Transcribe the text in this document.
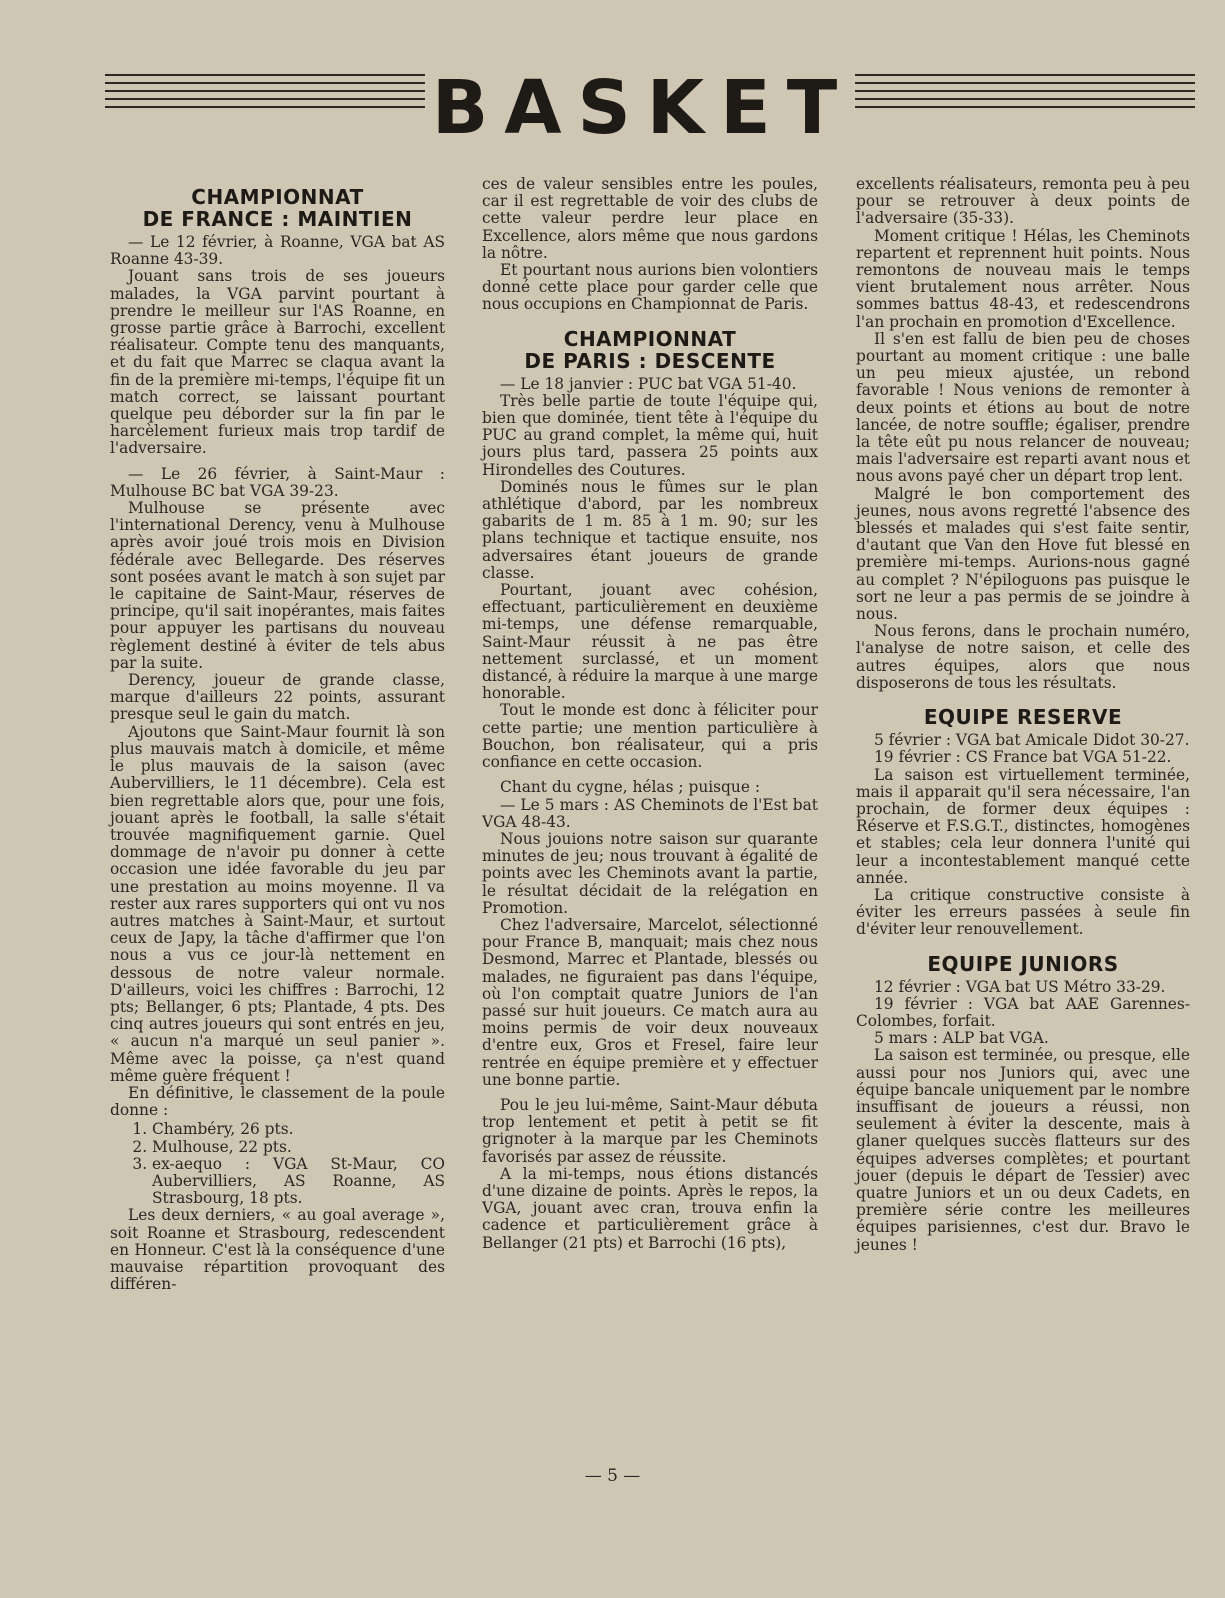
BASKET
CHAMPIONNAT
DE FRANCE : MAINTIEN

— Le 12 février, à Roanne, VGA bat AS Roanne 43-39.

Jouant sans trois de ses joueurs malades, la VGA parvint pourtant à prendre le meilleur sur l'AS Roanne, en grosse partie grâce à Barrochi, excellent réalisateur. Compte tenu des manquants, et du fait que Marrec se claqua avant la fin de la première mi-temps, l'équipe fit un match correct, se laissant pourtant quelque peu déborder sur la fin par le harcèlement furieux mais trop tardif de l'adversaire.

— Le 26 février, à Saint-Maur : Mulhouse BC bat VGA 39-23.

Mulhouse se présente avec l'international Derency, venu à Mulhouse après avoir joué trois mois en Division fédérale avec Bellegarde. Des réserves sont posées avant le match à son sujet par le capitaine de Saint-Maur, réserves de principe, qu'il sait inopérantes, mais faites pour appuyer les partisans du nouveau règlement destiné à éviter de tels abus par la suite.

Derency, joueur de grande classe, marque d'ailleurs 22 points, assurant presque seul le gain du match.

Ajoutons que Saint-Maur fournit là son plus mauvais match à domicile, et même le plus mauvais de la saison (avec Aubervilliers, le 11 décembre). Cela est bien regrettable alors que, pour une fois, jouant après le football, la salle s'était trouvée magnifiquement garnie. Quel dommage de n'avoir pu donner à cette occasion une idée favorable du jeu par une prestation au moins moyenne. Il va rester aux rares supporters qui ont vu nos autres matches à Saint-Maur, et surtout ceux de Japy, la tâche d'affirmer que l'on nous a vus ce jour-là nettement en dessous de notre valeur normale. D'ailleurs, voici les chiffres : Barrochi, 12 pts; Bellanger, 6 pts; Plantade, 4 pts. Des cinq autres joueurs qui sont entrés en jeu, « aucun n'a marqué un seul panier ». Même avec la poisse, ça n'est quand même guère fréquent !

En définitive, le classement de la poule donne :

1. Chambéry, 26 pts.
2. Mulhouse, 22 pts.
3. ex-aequo : VGA St-Maur, CO Aubervilliers, AS Roanne, AS Strasbourg, 18 pts.

Les deux derniers, « au goal average », soit Roanne et Strasbourg, redescendent en Honneur. C'est là la conséquence d'une mauvaise répartition provoquant des différen-

ces de valeur sensibles entre les poules, car il est regrettable de voir des clubs de cette valeur perdre leur place en Excellence, alors même que nous gardons la nôtre.

Et pourtant nous aurions bien volontiers donné cette place pour garder celle que nous occupions en Championnat de Paris.

CHAMPIONNAT
DE PARIS : DESCENTE

— Le 18 janvier : PUC bat VGA 51-40.

Très belle partie de toute l'équipe qui, bien que dominée, tient tête à l'équipe du PUC au grand complet, la même qui, huit jours plus tard, passera 25 points aux Hirondelles des Coutures.

Dominés nous le fûmes sur le plan athlétique d'abord, par les nombreux gabarits de 1 m. 85 à 1 m. 90; sur les plans technique et tactique ensuite, nos adversaires étant joueurs de grande classe.

Pourtant, jouant avec cohésion, effectuant, particulièrement en deuxième mi-temps, une défense remarquable, Saint-Maur réussit à ne pas être nettement surclassé, et un moment distancé, à réduire la marque à une marge honorable.

Tout le monde est donc à féliciter pour cette partie; une mention particulière à Bouchon, bon réalisateur, qui a pris confiance en cette occasion.

Chant du cygne, hélas ; puisque :

— Le 5 mars : AS Cheminots de l'Est bat VGA 48-43.

Nous jouions notre saison sur quarante minutes de jeu; nous trouvant à égalité de points avec les Cheminots avant la partie, le résultat décidait de la relégation en Promotion.

Chez l'adversaire, Marcelot, sélectionné pour France B, manquait; mais chez nous Desmond, Marrec et Plantade, blessés ou malades, ne figuraient pas dans l'équipe, où l'on comptait quatre Juniors de l'an passé sur huit joueurs. Ce match aura au moins permis de voir deux nouveaux d'entre eux, Gros et Fresel, faire leur rentrée en équipe première et y effectuer une bonne partie.

Pou le jeu lui-même, Saint-Maur débuta trop lentement et petit à petit se fit grignoter à la marque par les Cheminots favorisés par assez de réussite.

A la mi-temps, nous étions distancés d'une dizaine de points. Après le repos, la VGA, jouant avec cran, trouva enfin la cadence et particulièrement grâce à Bellanger (21 pts) et Barrochi (16 pts),

excellents réalisateurs, remonta peu à peu pour se retrouver à deux points de l'adversaire (35-33).

Moment critique ! Hélas, les Cheminots repartent et reprennent huit points. Nous remontons de nouveau mais le temps vient brutalement nous arrêter. Nous sommes battus 48-43, et redescendrons l'an prochain en promotion d'Excellence.

Il s'en est fallu de bien peu de choses pourtant au moment critique : une balle un peu mieux ajustée, un rebond favorable ! Nous venions de remonter à deux points et étions au bout de notre lancée, de notre souffle; égaliser, prendre la tête eût pu nous relancer de nouveau; mais l'adversaire est reparti avant nous et nous avons payé cher un départ trop lent.

Malgré le bon comportement des jeunes, nous avons regretté l'absence des blessés et malades qui s'est faite sentir, d'autant que Van den Hove fut blessé en première mi-temps. Aurions-nous gagné au complet ? N'épiloguons pas puisque le sort ne leur a pas permis de se joindre à nous.

Nous ferons, dans le prochain numéro, l'analyse de notre saison, et celle des autres équipes, alors que nous disposerons de tous les résultats.

EQUIPE RESERVE

5 février : VGA bat Amicale Didot 30-27.

19 février : CS France bat VGA 51-22.

La saison est virtuellement terminée, mais il apparait qu'il sera nécessaire, l'an prochain, de former deux équipes : Réserve et F.S.G.T., distinctes, homogènes et stables; cela leur donnera l'unité qui leur a incontestablement manqué cette année.

La critique constructive consiste à éviter les erreurs passées à seule fin d'éviter leur renouvellement.

EQUIPE JUNIORS

12 février : VGA bat US Métro 33-29.

19 février : VGA bat AAE Garennes-Colombes, forfait.

5 mars : ALP bat VGA.

La saison est terminée, ou presque, elle aussi pour nos Juniors qui, avec une équipe bancale uniquement par le nombre insuffisant de joueurs a réussi, non seulement à éviter la descente, mais à glaner quelques succès flatteurs sur des équipes adverses complètes; et pourtant jouer (depuis le départ de Tessier) avec quatre Juniors et un ou deux Cadets, en première série contre les meilleures équipes parisiennes, c'est dur. Bravo le jeunes !

— 5 —
